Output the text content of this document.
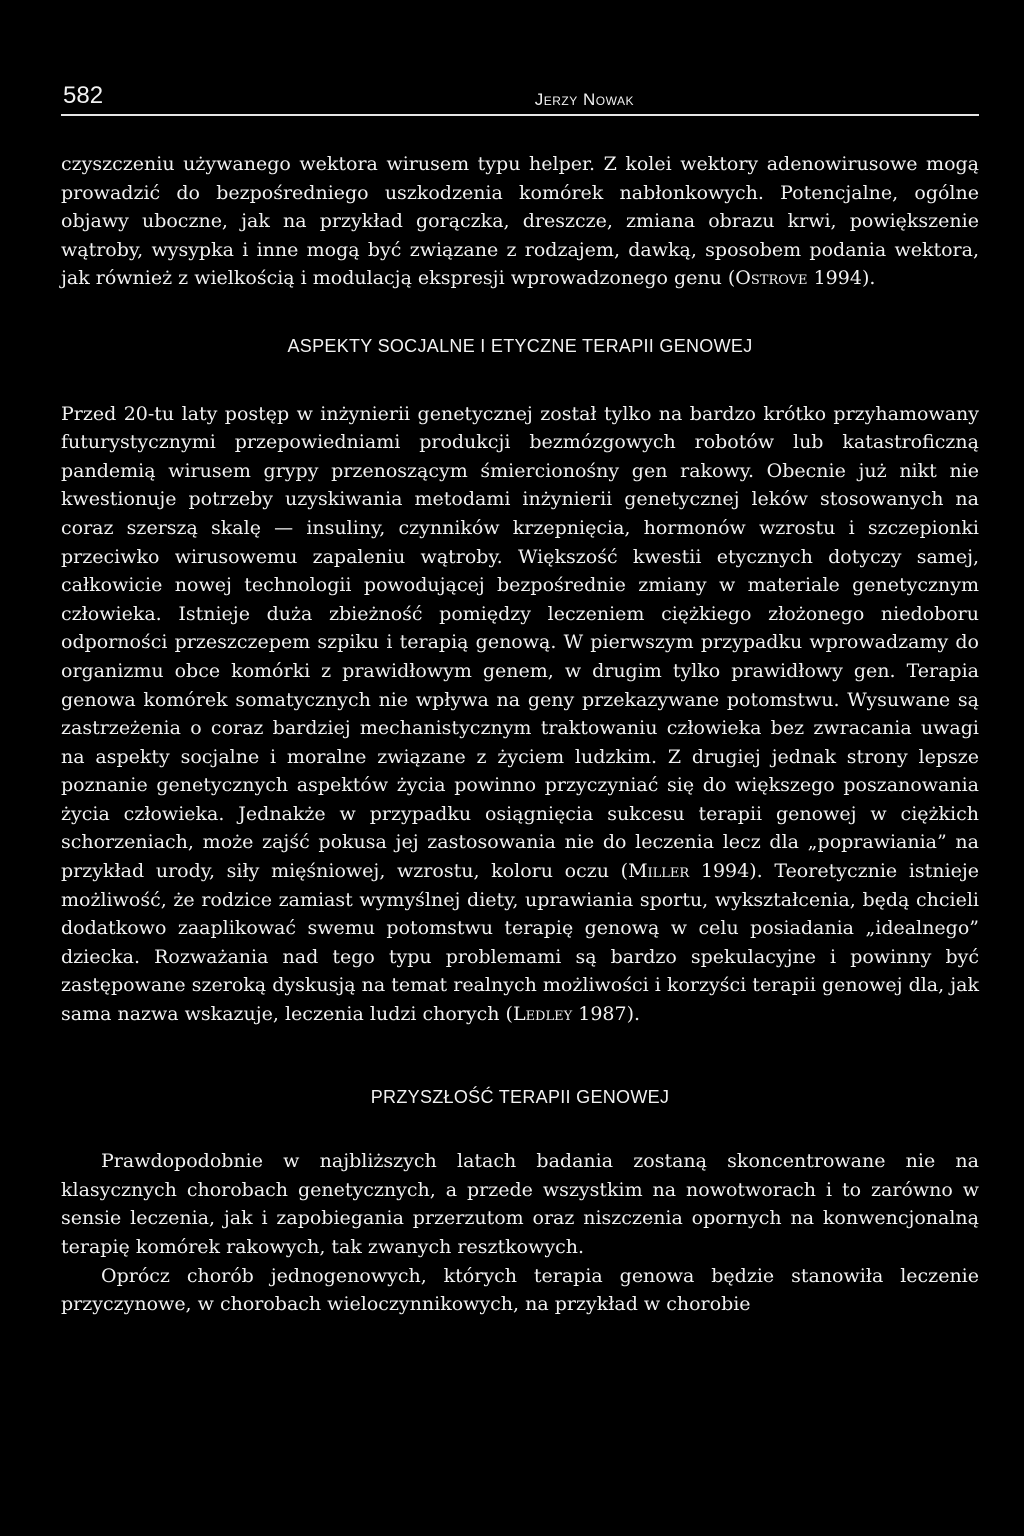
582	Jerzy Nowak

czyszczeniu używanego wektora wirusem typu helper. Z kolei wektory adenowirusowe mogą prowadzić do bezpośredniego uszkodzenia komórek nabłonkowych. Potencjalne, ogólne objawy uboczne, jak na przykład gorączka, dreszcze, zmiana obrazu krwi, powiększenie wątroby, wysypka i inne mogą być związane z rodzajem, dawką, sposobem podania wektora, jak również z wielkością i modulacją ekspresji wprowadzonego genu (Ostrove 1994).

ASPEKTY SOCJALNE I ETYCZNE TERAPII GENOWEJ

Przed 20-tu laty postęp w inżynierii genetycznej został tylko na bardzo krótko przyhamowany futurystycznymi przepowiedniami produkcji bezmózgowych robotów lub katastroficzną pandemią wirusem grypy przenoszącym śmiercionośny gen rakowy. Obecnie już nikt nie kwestionuje potrzeby uzyskiwania metodami inżynierii genetycznej leków stosowanych na coraz szerszą skalę — insuliny, czynników krzepnięcia, hormonów wzrostu i szczepionki przeciwko wirusowemu zapaleniu wątroby. Większość kwestii etycznych dotyczy samej, całkowicie nowej technologii powodującej bezpośrednie zmiany w materiale genetycznym człowieka. Istnieje duża zbieżność pomiędzy leczeniem ciężkiego złożonego niedoboru odporności przeszczepem szpiku i terapią genową. W pierwszym przypadku wprowadzamy do organizmu obce komórki z prawidłowym genem, w drugim tylko prawidłowy gen. Terapia genowa komórek somatycznych nie wpływa na geny przekazywane potomstwu. Wysuwane są zastrzeżenia o coraz bardziej mechanistycznym traktowaniu człowieka bez zwracania uwagi na aspekty socjalne i moralne związane z życiem ludzkim. Z drugiej jednak strony lepsze poznanie genetycznych aspektów życia powinno przyczyniać się do większego poszanowania życia człowieka. Jednakże w przypadku osiągnięcia sukcesu terapii genowej w ciężkich schorzeniach, może zajść pokusa jej zastosowania nie do leczenia lecz dla „poprawiania” na przykład urody, siły mięśniowej, wzrostu, koloru oczu (Miller 1994). Teoretycznie istnieje możliwość, że rodzice zamiast wymyślnej diety, uprawiania sportu, wykształcenia, będą chcieli dodatkowo zaaplikować swemu potomstwu terapię genową w celu posiadania „idealnego” dziecka. Rozważania nad tego typu problemami są bardzo spekulacyjne i powinny być zastępowane szeroką dyskusją na temat realnych możliwości i korzyści terapii genowej dla, jak sama nazwa wskazuje, leczenia ludzi chorych (Ledley 1987).

PRZYSZŁOŚĆ TERAPII GENOWEJ

Prawdopodobnie w najbliższych latach badania zostaną skoncentrowane nie na klasycznych chorobach genetycznych, a przede wszystkim na nowotworach i to zarówno w sensie leczenia, jak i zapobiegania przerzutom oraz niszczenia opornych na konwencjonalną terapię komórek rakowych, tak zwanych resztkowych.

Oprócz chorób jednogenowych, których terapia genowa będzie stanowiła leczenie przyczynowe, w chorobach wieloczynnikowych, na przykład w chorobie
